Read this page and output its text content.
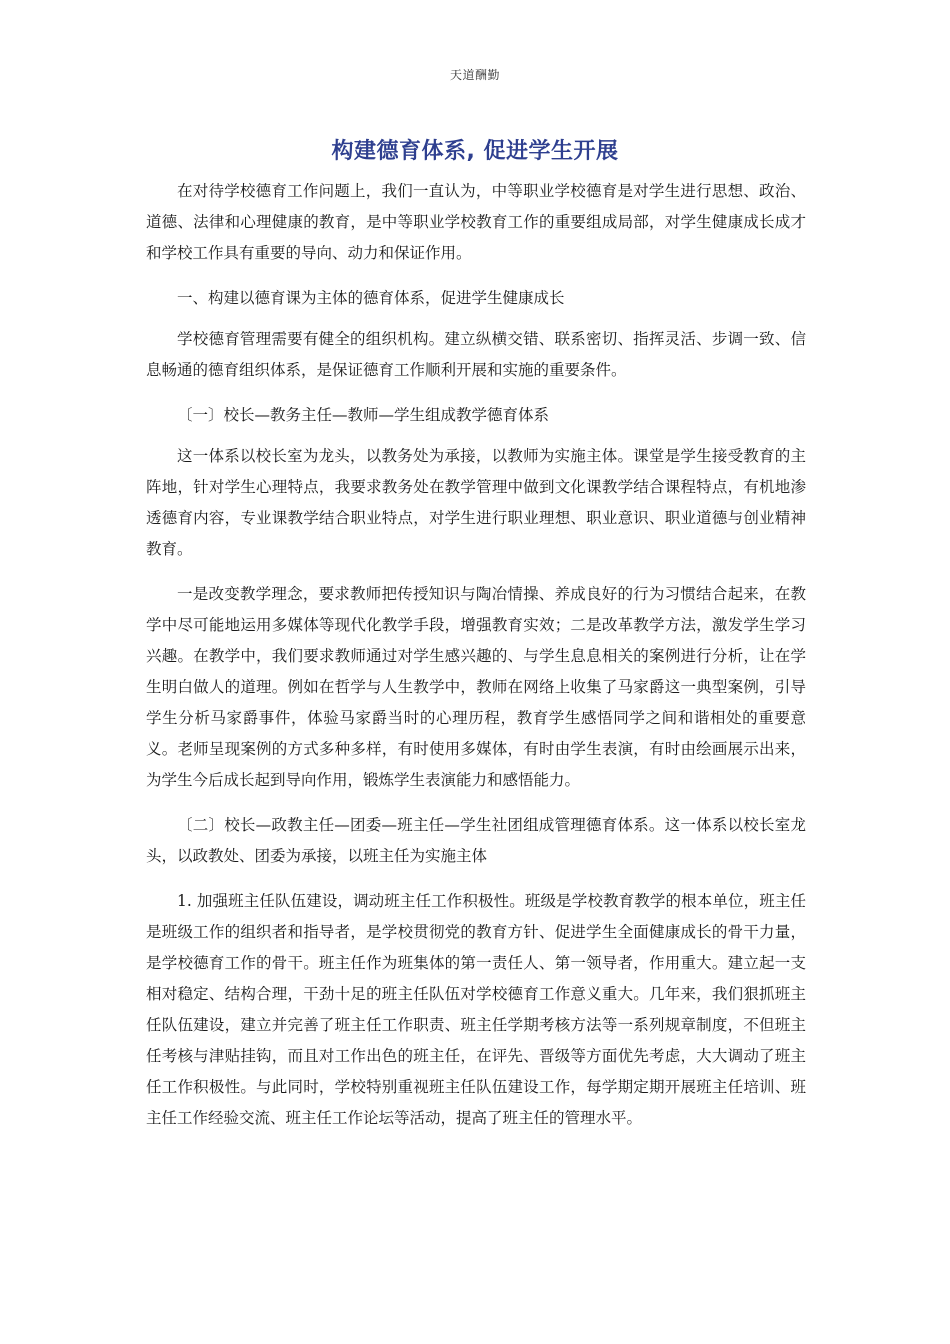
天道酬勤
构建德育体系, 促进学生开展

在对待学校德育工作问题上，我们一直认为，中等职业学校德育是对学生进行思想、政治、道德、法律和心理健康的教育，是中等职业学校教育工作的重要组成局部，对学生健康成长成才和学校工作具有重要的导向、动力和保证作用。

一、构建以德育课为主体的德育体系，促进学生健康成长

学校德育管理需要有健全的组织机构。建立纵横交错、联系密切、指挥灵活、步调一致、信息畅通的德育组织体系，是保证德育工作顺利开展和实施的重要条件。

〔一〕校长—教务主任—教师—学生组成教学德育体系

这一体系以校长室为龙头，以教务处为承接，以教师为实施主体。课堂是学生接受教育的主阵地，针对学生心理特点，我要求教务处在教学管理中做到文化课教学结合课程特点，有机地渗透德育内容，专业课教学结合职业特点，对学生进行职业理想、职业意识、职业道德与创业精神教育。

一是改变教学理念，要求教师把传授知识与陶冶情操、养成良好的行为习惯结合起来，在教学中尽可能地运用多媒体等现代化教学手段，增强教育实效；二是改革教学方法，激发学生学习兴趣。在教学中，我们要求教师通过对学生感兴趣的、与学生息息相关的案例进行分析，让在学生明白做人的道理。例如在哲学与人生教学中，教师在网络上收集了马家爵这一典型案例，引导学生分析马家爵事件，体验马家爵当时的心理历程，教育学生感悟同学之间和谐相处的重要意义。老师呈现案例的方式多种多样，有时使用多媒体，有时由学生表演，有时由绘画展示出来，为学生今后成长起到导向作用，锻炼学生表演能力和感悟能力。

〔二〕校长—政教主任—团委—班主任—学生社团组成管理德育体系。这一体系以校长室龙头，以政教处、团委为承接，以班主任为实施主体

1. 加强班主任队伍建设，调动班主任工作积极性。班级是学校教育教学的根本单位，班主任是班级工作的组织者和指导者，是学校贯彻党的教育方针、促进学生全面健康成长的骨干力量，是学校德育工作的骨干。班主任作为班集体的第一责任人、第一领导者，作用重大。建立起一支相对稳定、结构合理，干劲十足的班主任队伍对学校德育工作意义重大。几年来，我们狠抓班主任队伍建设，建立并完善了班主任工作职责、班主任学期考核方法等一系列规章制度，不但班主任考核与津贴挂钩，而且对工作出色的班主任，在评先、晋级等方面优先考虑，大大调动了班主任工作积极性。与此同时，学校特别重视班主任队伍建设工作，每学期定期开展班主任培训、班主任工作经验交流、班主任工作论坛等活动，提高了班主任的管理水平。
